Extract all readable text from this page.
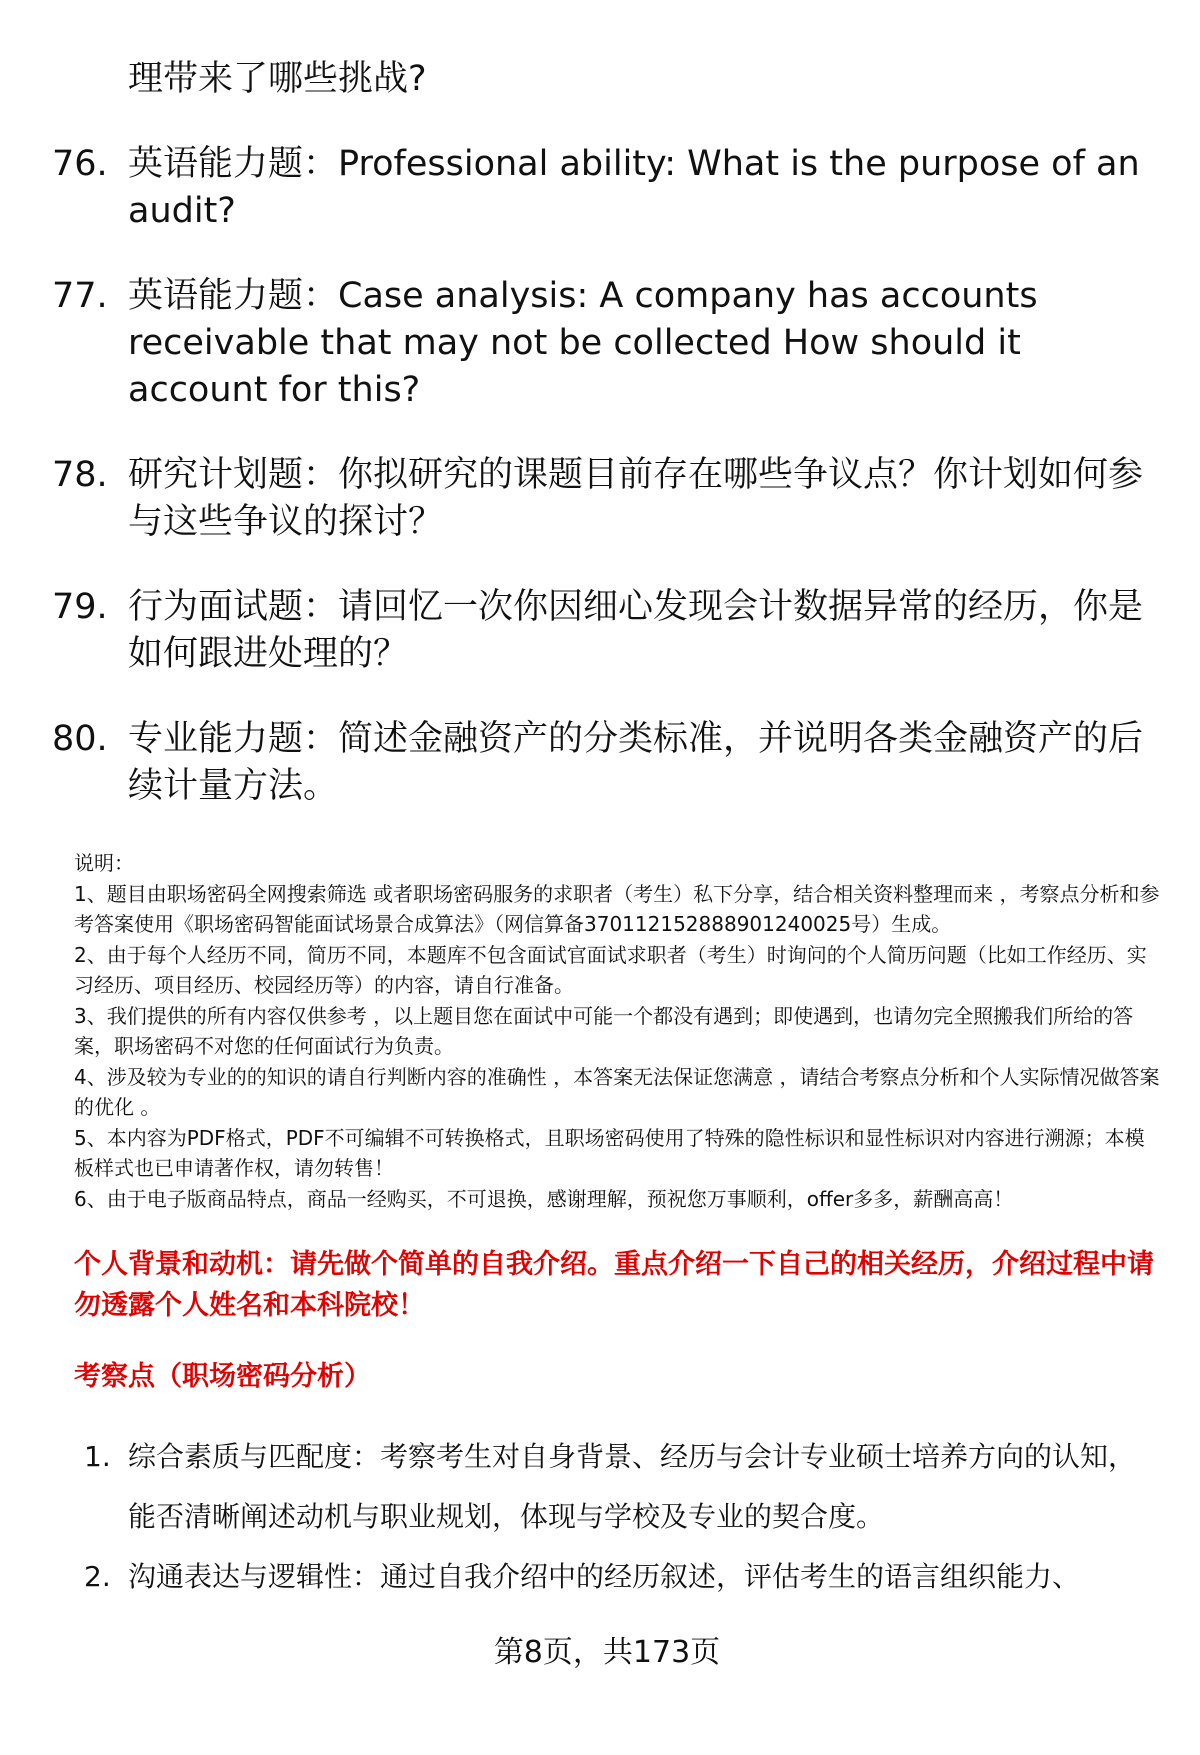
理带来了哪些挑战?
76. 英语能力题：Professional ability: What is the purpose of an audit?
77. 英语能力题：Case analysis: A company has accounts receivable that may not be collected How should it account for this?
78. 研究计划题：你拟研究的课题目前存在哪些争议点？你计划如何参与这些争议的探讨？
79. 行为面试题：请回忆一次你因细心发现会计数据异常的经历，你是如何跟进处理的？
80. 专业能力题：简述金融资产的分类标准，并说明各类金融资产的后续计量方法。
说明：
1、题目由职场密码全网搜索筛选 或者职场密码服务的求职者（考生）私下分享，结合相关资料整理而来 ，考察点分析和参考答案使用《职场密码智能面试场景合成算法》（网信算备370112152888901240025号）生成。
2、由于每个人经历不同，简历不同，本题库不包含面试官面试求职者（考生）时询问的个人简历问题（比如工作经历、实习经历、项目经历、校园经历等）的内容，请自行准备。
3、我们提供的所有内容仅供参考 ，以上题目您在面试中可能一个都没有遇到；即使遇到，也请勿完全照搬我们所给的答案，职场密码不对您的任何面试行为负责。
4、涉及较为专业的的知识的请自行判断内容的准确性 ，本答案无法保证您满意 ，请结合考察点分析和个人实际情况做答案的优化 。
5、本内容为PDF格式，PDF不可编辑不可转换格式，且职场密码使用了特殊的隐性标识和显性标识对内容进行溯源；本模板样式也已申请著作权，请勿转售！
6、由于电子版商品特点，商品一经购买，不可退换，感谢理解，预祝您万事顺利，offer多多，薪酬高高！
个人背景和动机：请先做个简单的自我介绍。重点介绍一下自己的相关经历，介绍过程中请勿透露个人姓名和本科院校！
考察点（职场密码分析）
1. 综合素质与匹配度：考察考生对自身背景、经历与会计专业硕士培养方向的认知，能否清晰阐述动机与职业规划，体现与学校及专业的契合度。
2. 沟通表达与逻辑性：通过自我介绍中的经历叙述，评估考生的语言组织能力、
第8页，共173页
